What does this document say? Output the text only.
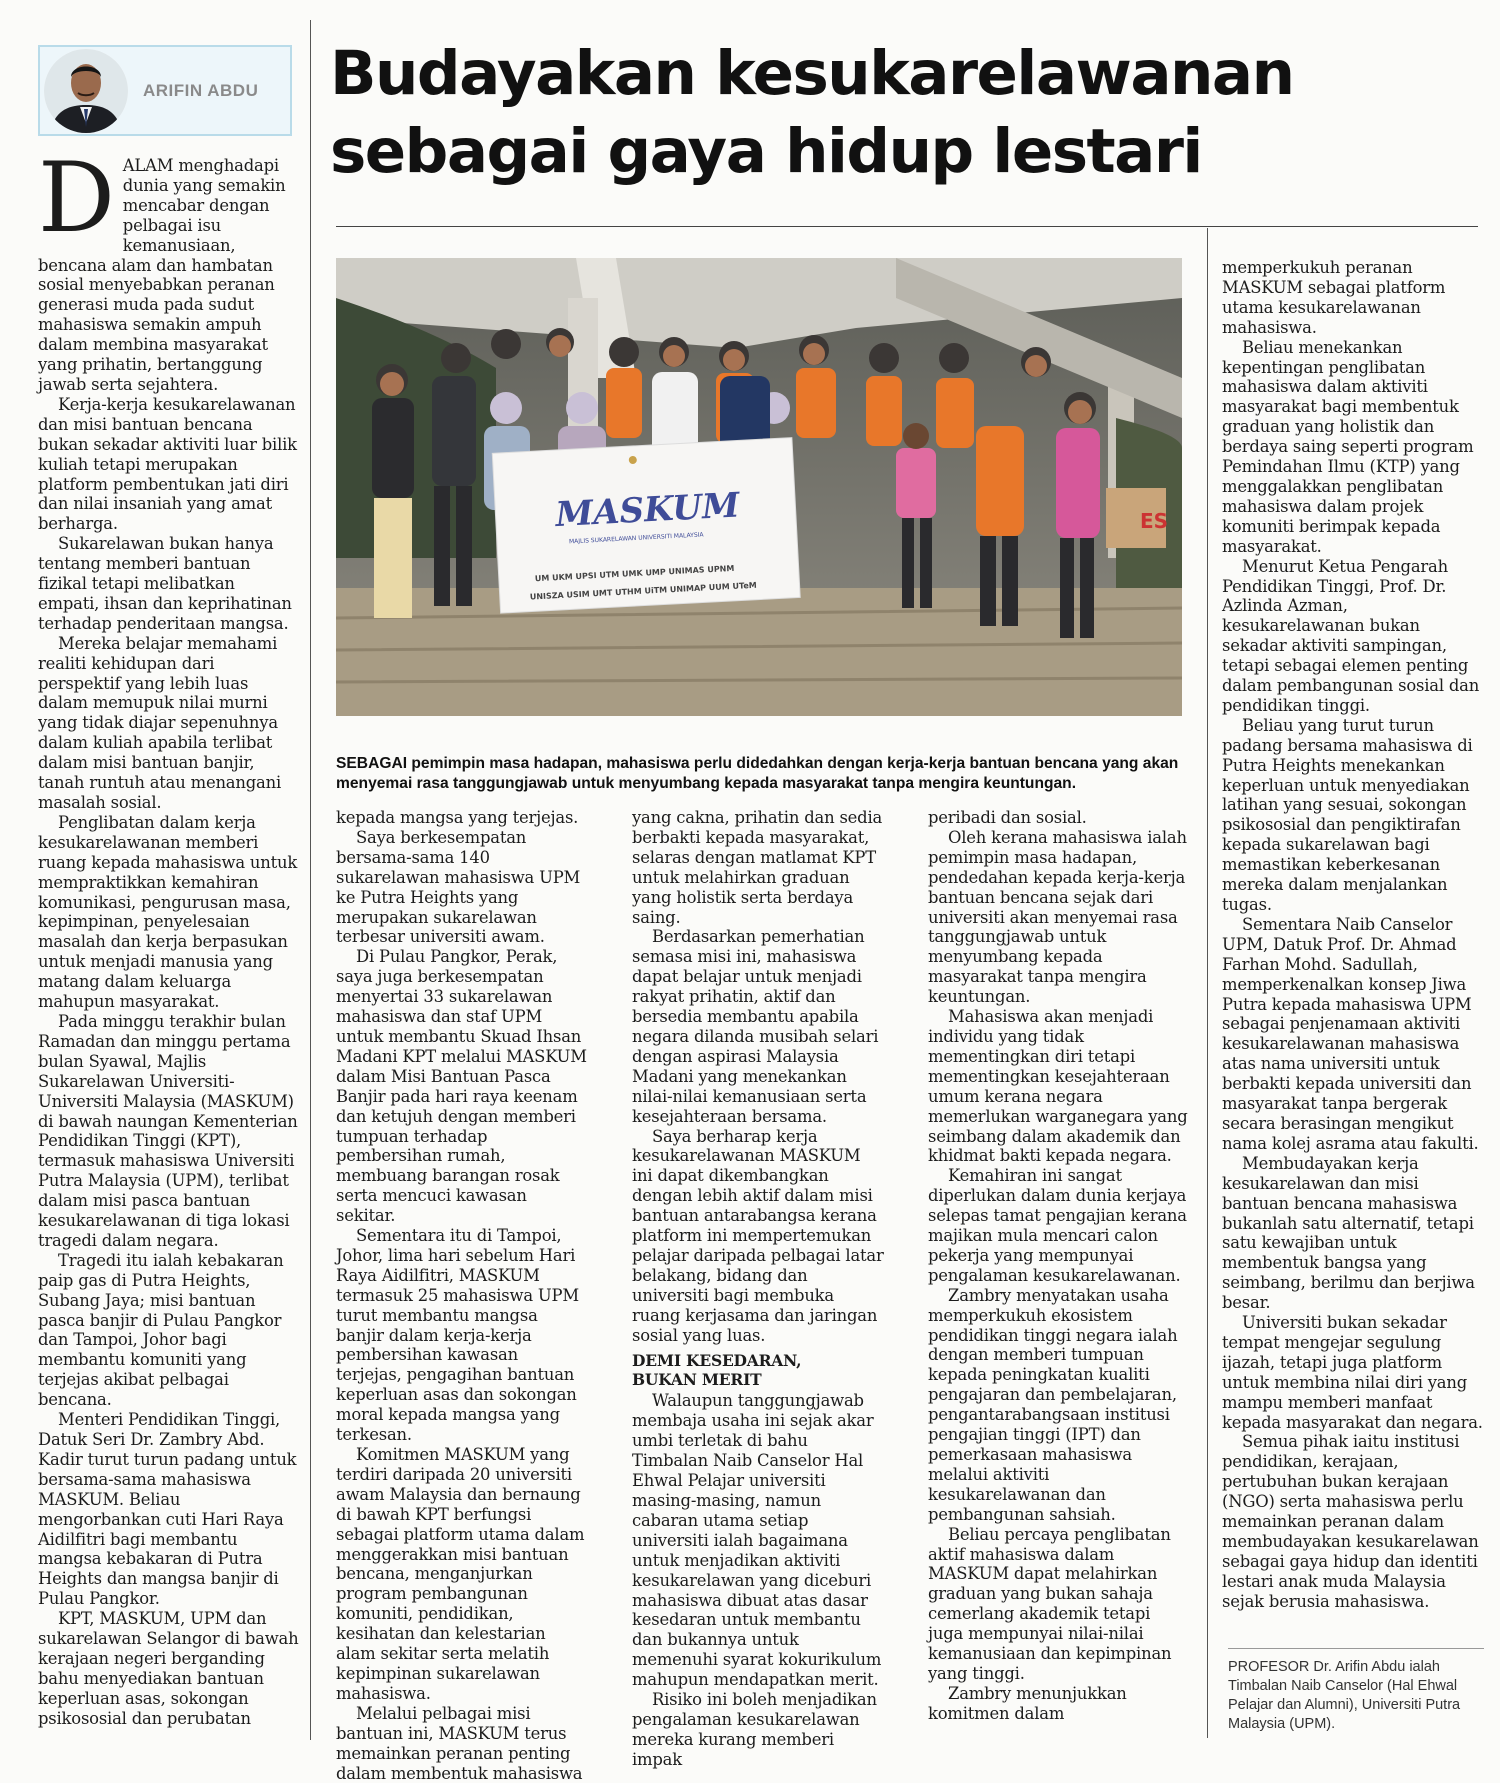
ARIFIN ABDU Budayakan kesukarelawanan
sebagai gaya hidup lestari
ES
MASKUM
MAJLIS SUKARELAWAN UNIVERSITI MALAYSIA
UM UKM UPSI UTM UMK UMP UNIMAS UPNM
UNISZA USIM UMT UTHM UiTM UNIMAP UUM UTeM
SEBAGAI pemimpin masa hadapan, mahasiswa perlu didedahkan dengan kerja-kerja bantuan bencana yang akan menyemai rasa tanggungjawab untuk menyumbang kepada masyarakat tanpa mengira keuntungan.

DALAM menghadapi dunia yang semakin mencabar dengan pelbagai isu kemanusiaan, bencana alam dan hambatan sosial menyebabkan peranan generasi muda pada sudut mahasiswa semakin ampuh dalam membina masyarakat yang prihatin, bertanggung jawab serta sejahtera.

Kerja-kerja kesukarelawanan dan misi bantuan bencana bukan sekadar aktiviti luar bilik kuliah tetapi merupakan platform pembentukan jati diri dan nilai insaniah yang amat berharga.

Sukarelawan bukan hanya tentang memberi bantuan fizikal tetapi melibatkan empati, ihsan dan keprihatinan terhadap penderitaan mangsa.

Mereka belajar memahami realiti kehidupan dari perspektif yang lebih luas dalam memupuk nilai murni yang tidak diajar sepenuhnya dalam kuliah apabila terlibat dalam misi bantuan banjir, tanah runtuh atau menangani masalah sosial.

Penglibatan dalam kerja kesukarelawanan memberi ruang kepada mahasiswa untuk mempraktikkan kemahiran komunikasi, pengurusan masa, kepimpinan, penyelesaian masalah dan kerja berpasukan untuk menjadi manusia yang matang dalam keluarga mahupun masyarakat.

Pada minggu terakhir bulan Ramadan dan minggu pertama bulan Syawal, Majlis Sukarelawan Universiti-Universiti Malaysia (MASKUM) di bawah naungan Kementerian Pendidikan Tinggi (KPT), termasuk mahasiswa Universiti Putra Malaysia (UPM), terlibat dalam misi pasca bantuan kesukarelawanan di tiga lokasi tragedi dalam negara.

Tragedi itu ialah kebakaran paip gas di Putra Heights, Subang Jaya; misi bantuan pasca banjir di Pulau Pangkor dan Tampoi, Johor bagi membantu komuniti yang terjejas akibat pelbagai bencana.

Menteri Pendidikan Tinggi, Datuk Seri Dr. Zambry Abd. Kadir turut turun padang untuk bersama-sama mahasiswa MASKUM. Beliau mengorbankan cuti Hari Raya Aidilfitri bagi membantu mangsa kebakaran di Putra Heights dan mangsa banjir di Pulau Pangkor.

KPT, MASKUM, UPM dan sukarelawan Selangor di bawah kerajaan negeri berganding bahu menyediakan bantuan keperluan asas, sokongan psikososial dan perubatan

kepada mangsa yang terjejas.

Saya berkesempatan bersama-sama 140 sukarelawan mahasiswa UPM ke Putra Heights yang merupakan sukarelawan terbesar universiti awam.

Di Pulau Pangkor, Perak, saya juga berkesempatan menyertai 33 sukarelawan mahasiswa dan staf UPM untuk membantu Skuad Ihsan Madani KPT melalui MASKUM dalam Misi Bantuan Pasca Banjir pada hari raya keenam dan ketujuh dengan memberi tumpuan terhadap pembersihan rumah, membuang barangan rosak serta mencuci kawasan sekitar.

Sementara itu di Tampoi, Johor, lima hari sebelum Hari Raya Aidilfitri, MASKUM termasuk 25 mahasiswa UPM turut membantu mangsa banjir dalam kerja-kerja pembersihan kawasan terjejas, pengagihan bantuan keperluan asas dan sokongan moral kepada mangsa yang terkesan.

Komitmen MASKUM yang terdiri daripada 20 universiti awam Malaysia dan bernaung di bawah KPT berfungsi sebagai platform utama dalam menggerakkan misi bantuan bencana, menganjurkan program pembangunan komuniti, pendidikan, kesihatan dan kelestarian alam sekitar serta melatih kepimpinan sukarelawan mahasiswa.

Melalui pelbagai misi bantuan ini, MASKUM terus memainkan peranan penting dalam membentuk mahasiswa

yang cakna, prihatin dan sedia berbakti kepada masyarakat, selaras dengan matlamat KPT untuk melahirkan graduan yang holistik serta berdaya saing.

Berdasarkan pemerhatian semasa misi ini, mahasiswa dapat belajar untuk menjadi rakyat prihatin, aktif dan bersedia membantu apabila negara dilanda musibah selari dengan aspirasi Malaysia Madani yang menekankan nilai-nilai kemanusiaan serta kesejahteraan bersama.

Saya berharap kerja kesukarelawanan MASKUM ini dapat dikembangkan dengan lebih aktif dalam misi bantuan antarabangsa kerana platform ini mempertemukan pelajar daripada pelbagai latar belakang, bidang dan universiti bagi membuka ruang kerjasama dan jaringan sosial yang luas.

DEMI KESEDARAN,
BUKAN MERIT

Walaupun tanggungjawab membaja usaha ini sejak akar umbi terletak di bahu Timbalan Naib Canselor Hal Ehwal Pelajar universiti masing-masing, namun cabaran utama setiap universiti ialah bagaimana untuk menjadikan aktiviti kesukarelawan yang diceburi mahasiswa dibuat atas dasar kesedaran untuk membantu dan bukannya untuk memenuhi syarat kokurikulum mahupun mendapatkan merit.

Risiko ini boleh menjadikan pengalaman kesukarelawan mereka kurang memberi impak

peribadi dan sosial.

Oleh kerana mahasiswa ialah pemimpin masa hadapan, pendedahan kepada kerja-kerja bantuan bencana sejak dari universiti akan menyemai rasa tanggungjawab untuk menyumbang kepada masyarakat tanpa mengira keuntungan.

Mahasiswa akan menjadi individu yang tidak mementingkan diri tetapi mementingkan kesejahteraan umum kerana negara memerlukan warganegara yang seimbang dalam akademik dan khidmat bakti kepada negara.

Kemahiran ini sangat diperlukan dalam dunia kerjaya selepas tamat pengajian kerana majikan mula mencari calon pekerja yang mempunyai pengalaman kesukarelawanan.

Zambry menyatakan usaha memperkukuh ekosistem pendidikan tinggi negara ialah dengan memberi tumpuan kepada peningkatan kualiti pengajaran dan pembelajaran, pengantarabangsaan institusi pengajian tinggi (IPT) dan pemerkasaan mahasiswa melalui aktiviti kesukarelawanan dan pembangunan sahsiah.

Beliau percaya penglibatan aktif mahasiswa dalam MASKUM dapat melahirkan graduan yang bukan sahaja cemerlang akademik tetapi juga mempunyai nilai-nilai kemanusiaan dan kepimpinan yang tinggi.

Zambry menunjukkan komitmen dalam

memperkukuh peranan MASKUM sebagai platform utama kesukarelawanan mahasiswa.

Beliau menekankan kepentingan penglibatan mahasiswa dalam aktiviti masyarakat bagi membentuk graduan yang holistik dan berdaya saing seperti program Pemindahan Ilmu (KTP) yang menggalakkan penglibatan mahasiswa dalam projek komuniti berimpak kepada masyarakat.

Menurut Ketua Pengarah Pendidikan Tinggi, Prof. Dr. Azlinda Azman, kesukarelawanan bukan sekadar aktiviti sampingan, tetapi sebagai elemen penting dalam pembangunan sosial dan pendidikan tinggi.

Beliau yang turut turun padang bersama mahasiswa di Putra Heights menekankan keperluan untuk menyediakan latihan yang sesuai, sokongan psikososial dan pengiktirafan kepada sukarelawan bagi memastikan keberkesanan mereka dalam menjalankan tugas.

Sementara Naib Canselor UPM, Datuk Prof. Dr. Ahmad Farhan Mohd. Sadullah, memperkenalkan konsep Jiwa Putra kepada mahasiswa UPM sebagai penjenamaan aktiviti kesukarelawanan mahasiswa atas nama universiti untuk berbakti kepada universiti dan masyarakat tanpa bergerak secara berasingan mengikut nama kolej asrama atau fakulti.

Membudayakan kerja kesukarelawan dan misi bantuan bencana mahasiswa bukanlah satu alternatif, tetapi satu kewajiban untuk membentuk bangsa yang seimbang, berilmu dan berjiwa besar.

Universiti bukan sekadar tempat mengejar segulung ijazah, tetapi juga platform untuk membina nilai diri yang mampu memberi manfaat kepada masyarakat dan negara.

Semua pihak iaitu institusi pendidikan, kerajaan, pertubuhan bukan kerajaan (NGO) serta mahasiswa perlu memainkan peranan dalam membudayakan kesukarelawan sebagai gaya hidup dan identiti lestari anak muda Malaysia sejak berusia mahasiswa.

PROFESOR Dr. Arifin Abdu ialah Timbalan Naib Canselor (Hal Ehwal Pelajar dan Alumni), Universiti Putra Malaysia (UPM).
